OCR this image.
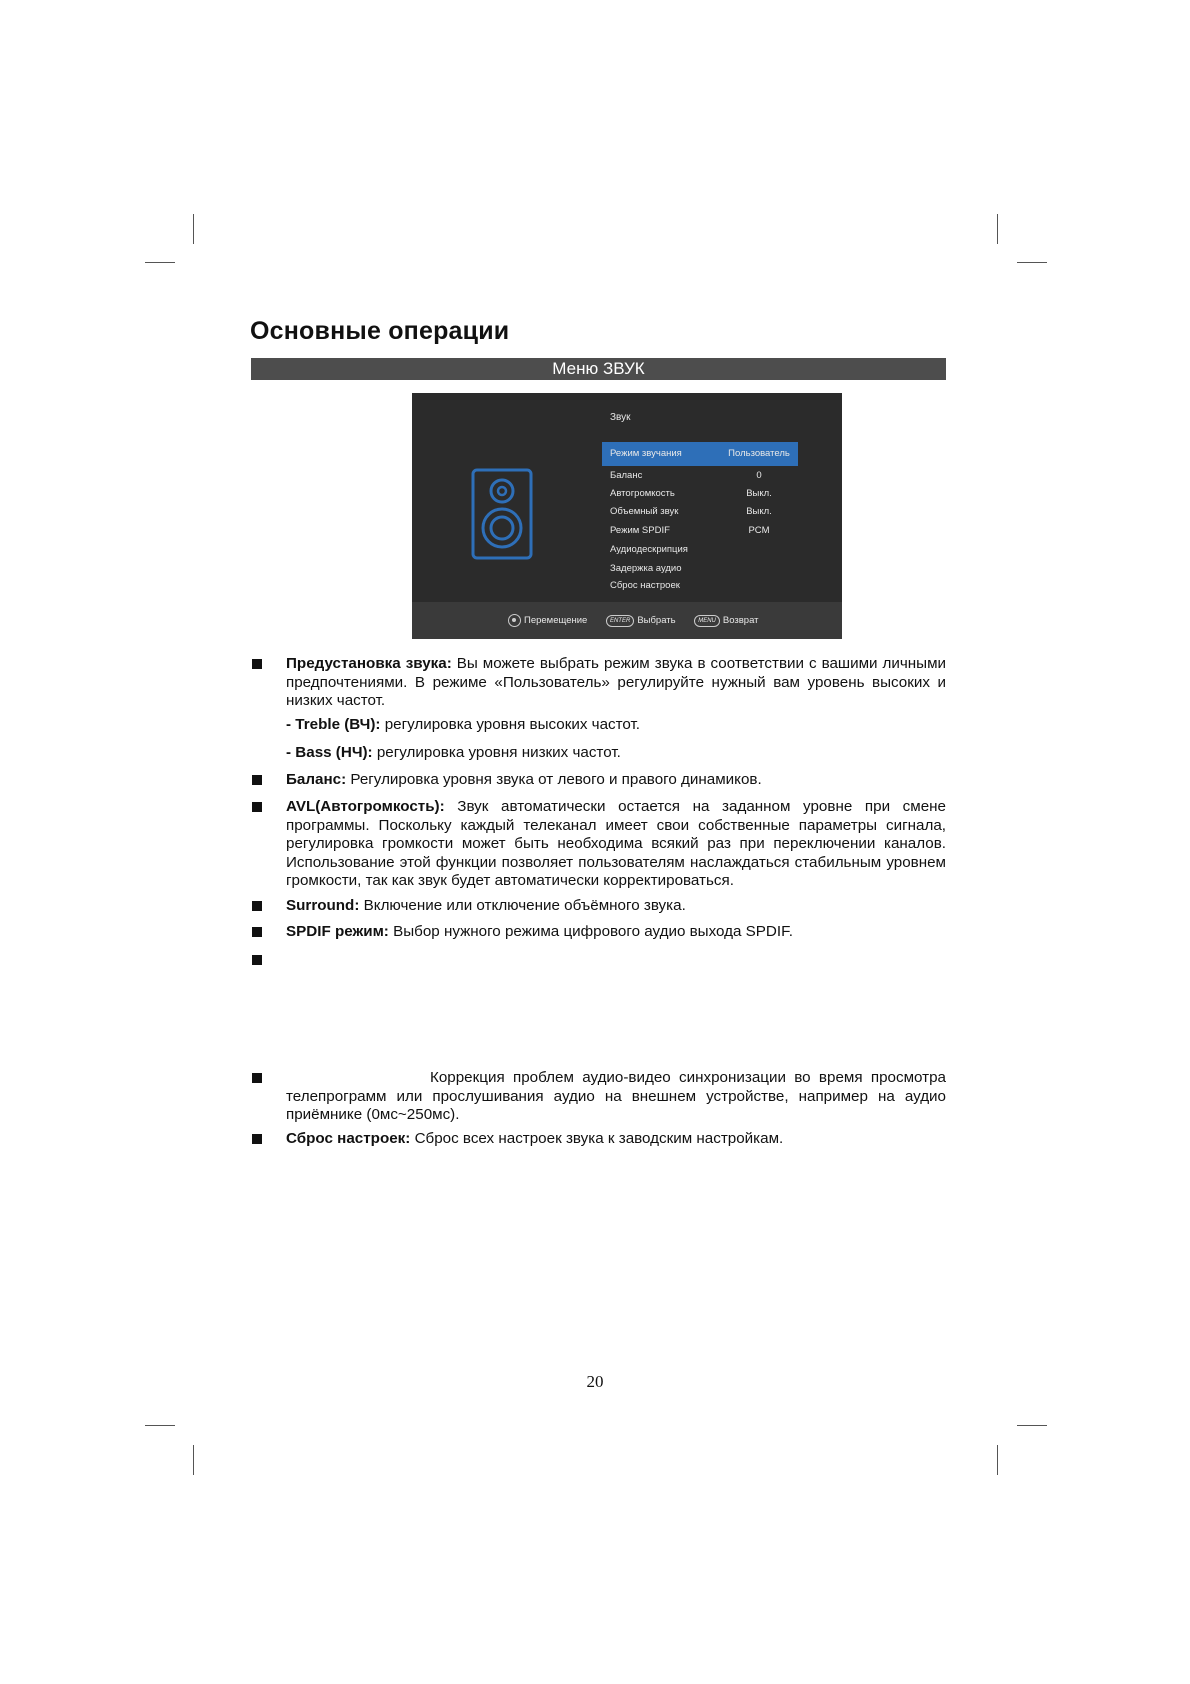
Основные операции
Меню ЗВУК
Звук
Режим звучания	Пользователь
Баланс	0
Автогромкость	Выкл.
Объемный звук	Выкл.
Режим SPDIF	PCM
Аудиодескрипция
Задержка аудио
Сброс настроек
Перемещение	ENTER Выбрать	MENU Возврат
Предустановка звука: Вы можете выбрать режим звука в соответствии с вашими личными предпочтениями. В режиме «Пользователь» регулируйте нужный вам уровень высоких и низких частот.
- Treble (ВЧ): регулировка уровня высоких частот.
- Bass (НЧ): регулировка уровня низких частот.
Баланс: Регулировка уровня звука от левого и правого динамиков.
AVL(Автогромкость): Звук автоматически остается на заданном уровне при смене программы. Поскольку каждый телеканал имеет свои собственные параметры сигнала, регулировка громкости может быть необходима всякий раз при переключении каналов. Использование этой функции позволяет пользователям наслаждаться стабильным уровнем громкости, так как звук будет автоматически корректироваться.
Surround: Включение или отключение объёмного звука.
SPDIF режим: Выбор нужного режима цифрового аудио выхода SPDIF.
Коррекция проблем аудио-видео синхронизации во время просмотра телепрограмм или прослушивания аудио на внешнем устройстве, например на аудио приёмнике (0мс~250мс).
Сброс настроек: Сброс всех настроек звука к заводским настройкам.
20
